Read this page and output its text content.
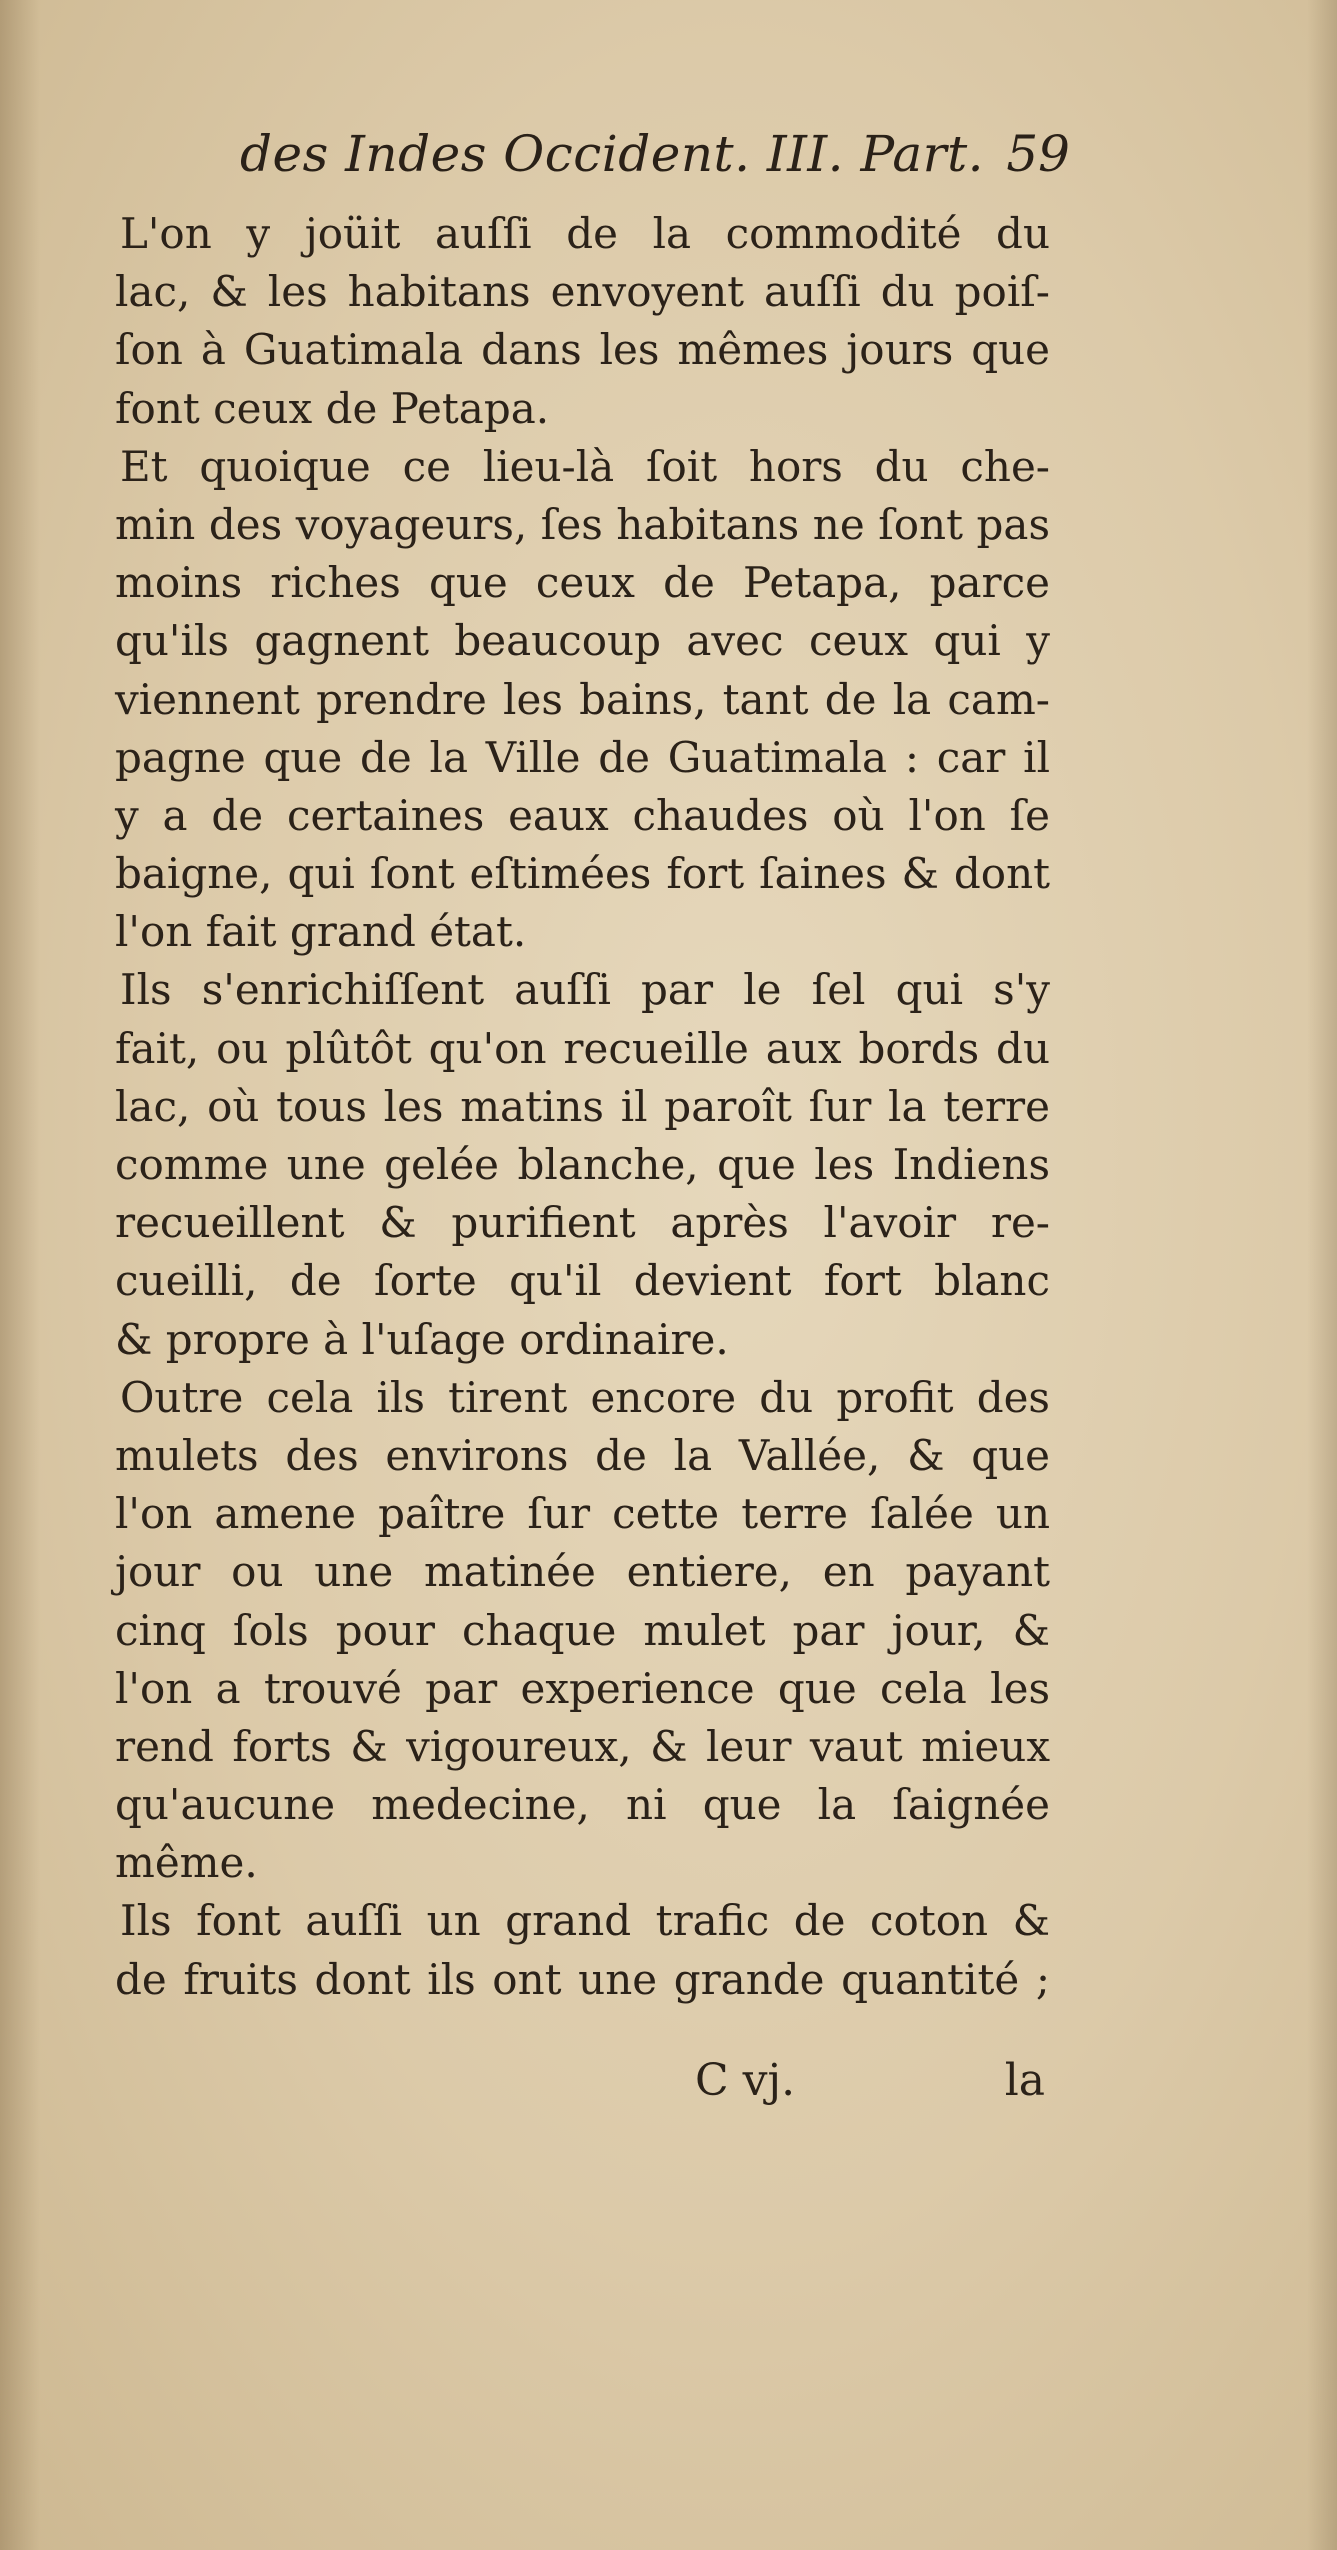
des Indes Occident. III. Part. 59
L'on y joüit auſſi de la commodité du
lac, & les habitans envoyent auſſi du poiſ-
ſon à Guatimala dans les mêmes jours que
font ceux de Petapa.
Et quoique ce lieu-là ſoit hors du che-
min des voyageurs, ſes habitans ne ſont pas
moins riches que ceux de Petapa, parce
qu'ils gagnent beaucoup avec ceux qui y
viennent prendre les bains, tant de la cam-
pagne que de la Ville de Guatimala : car il
y a de certaines eaux chaudes où l'on ſe
baigne, qui ſont eſtimées fort ſaines & dont
l'on fait grand état.
Ils s'enrichiſſent auſſi par le ſel qui s'y
fait, ou plûtôt qu'on recueille aux bords du
lac, où tous les matins il paroît ſur la terre
comme une gelée blanche, que les Indiens
recueillent & purifient après l'avoir re-
cueilli, de ſorte qu'il devient fort blanc
& propre à l'uſage ordinaire.
Outre cela ils tirent encore du profit des
mulets des environs de la Vallée, & que
l'on amene paître ſur cette terre ſalée un
jour ou une matinée entiere, en payant
cinq ſols pour chaque mulet par jour, &
l'on a trouvé par experience que cela les
rend forts & vigoureux, & leur vaut mieux
qu'aucune medecine, ni que la ſaignée
même.
Ils font auſſi un grand trafic de coton &
de fruits dont ils ont une grande quantité ;
C vj.	la
